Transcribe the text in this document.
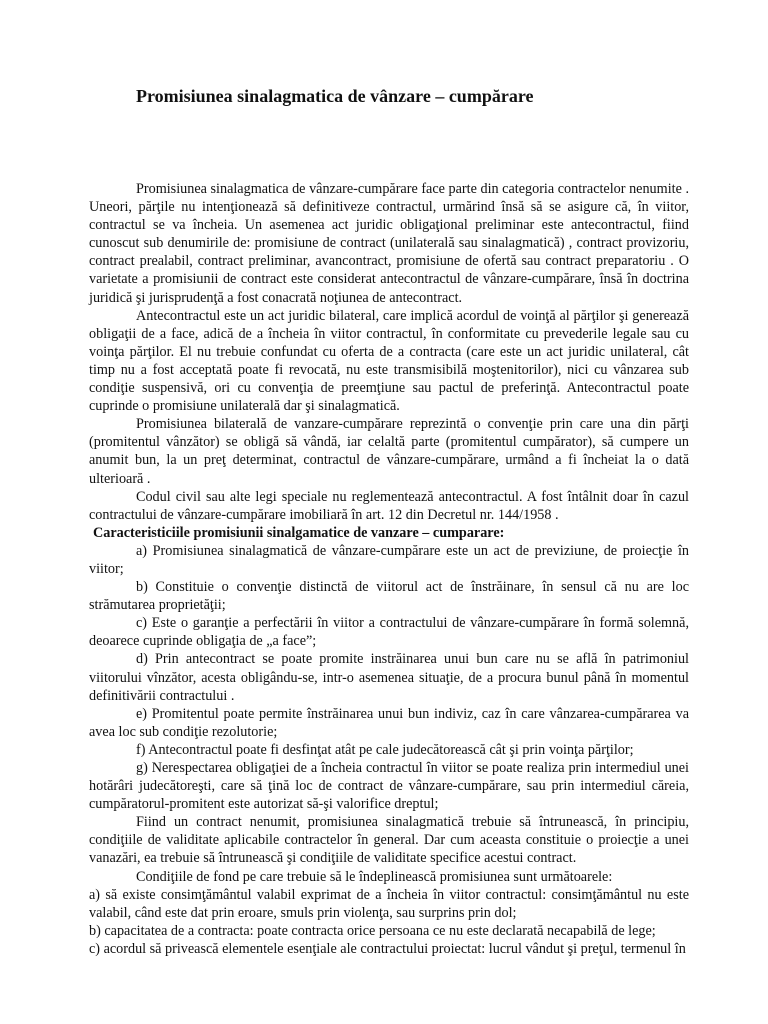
Promisiunea sinalagmatica de vânzare – cumpărare

Promisiunea sinalagmatica de vânzare-cumpărare face parte din categoria contractelor nenumite . Uneori, părţile nu intenţionează să definitiveze contractul, urmărind însă să se asigure că, în viitor, contractul se va încheia. Un asemenea act juridic obligaţional preliminar este antecontractul, fiind cunoscut sub denumirile de: promisiune de contract (unilaterală sau sinalagmatică) , contract provizoriu, contract prealabil, contract preliminar, avancontract, promisiune de ofertă sau contract preparatoriu . O varietate a promisiunii de contract este considerat antecontractul de vânzare-cumpărare, însă în doctrina juridică şi jurisprudenţă a fost conacrată noţiunea de antecontract.

Antecontractul este un act juridic bilateral, care implică acordul de voinţă al părţilor şi generează obligaţii de a face, adică de a încheia în viitor contractul, în conformitate cu prevederile legale sau cu voinţa părţilor. El nu trebuie confundat cu oferta de a contracta (care este un act juridic unilateral, cât timp nu a fost acceptată poate fi revocată, nu este transmisibilă moştenitorilor), nici cu vânzarea sub condiţie suspensivă, ori cu convenţia de preemţiune sau pactul de preferinţă. Antecontractul poate cuprinde o promisiune unilaterală dar şi sinalagmatică.

Promisiunea bilaterală de vanzare-cumpărare reprezintă o convenţie prin care una din părţi (promitentul vânzător) se obligă să vândă, iar celaltă parte (promitentul cumpărator), să cumpere un anumit bun, la un preţ determinat, contractul de vânzare-cumpărare, urmând a fi încheiat la o dată ulterioară .

Codul civil sau alte legi speciale nu reglementează antecontractul. A fost întâlnit doar în cazul contractului de vânzare-cumpărare imobiliară în art. 12 din Decretul nr. 144/1958 .

Caracteristiciile promisiunii sinalgamatice de vanzare – cumparare:

a) Promisiunea sinalagmatică de vânzare-cumpărare este un act de previziune, de proiecţie în viitor;

b) Constituie o convenţie distinctă de viitorul act de înstrăinare, în sensul că nu are loc strămutarea proprietăţii;

c) Este o garanţie a perfectării în viitor a contractului de vânzare-cumpărare în formă solemnă, deoarece cuprinde obligaţia de „a face”;

d) Prin antecontract se poate promite instrăinarea unui bun care nu se află în patrimoniul viitorului vînzător, acesta obligându-se, intr-o asemenea situaţie, de a procura bunul până în momentul definitivării contractului .

e) Promitentul poate permite înstrăinarea unui bun indiviz, caz în care vânzarea-cumpărarea va avea loc sub condiţie rezolutorie;

f) Antecontractul poate fi desfinţat atât pe cale judecătorească cât şi prin voinţa părţilor;

g) Nerespectarea obligaţiei de a încheia contractul în viitor se poate realiza prin intermediul unei hotărâri judecătoreşti, care să ţină loc de contract de vânzare-cumpărare, sau prin intermediul căreia, cumpăratorul-promitent este autorizat să-şi valorifice dreptul;

Fiind un contract nenumit, promisiunea sinalagmatică trebuie să întrunească, în principiu, condiţiile de validitate aplicabile contractelor în general. Dar cum aceasta constituie o proiecţie a unei vanazări, ea trebuie să întrunească şi condiţiile de validitate specifice acestui contract.

Condiţiile de fond pe care trebuie să le îndeplinească promisiunea sunt următoarele:

a) să existe consimţământul valabil exprimat de a încheia în viitor contractul: consimţământul nu este valabil, când este dat prin eroare, smuls prin violenţa, sau surprins prin dol;

b) capacitatea de a contracta: poate contracta orice persoana ce nu este declarată necapabilă de lege;

c) acordul să privească elementele esenţiale ale contractului proiectat: lucrul vândut şi preţul, termenul în
